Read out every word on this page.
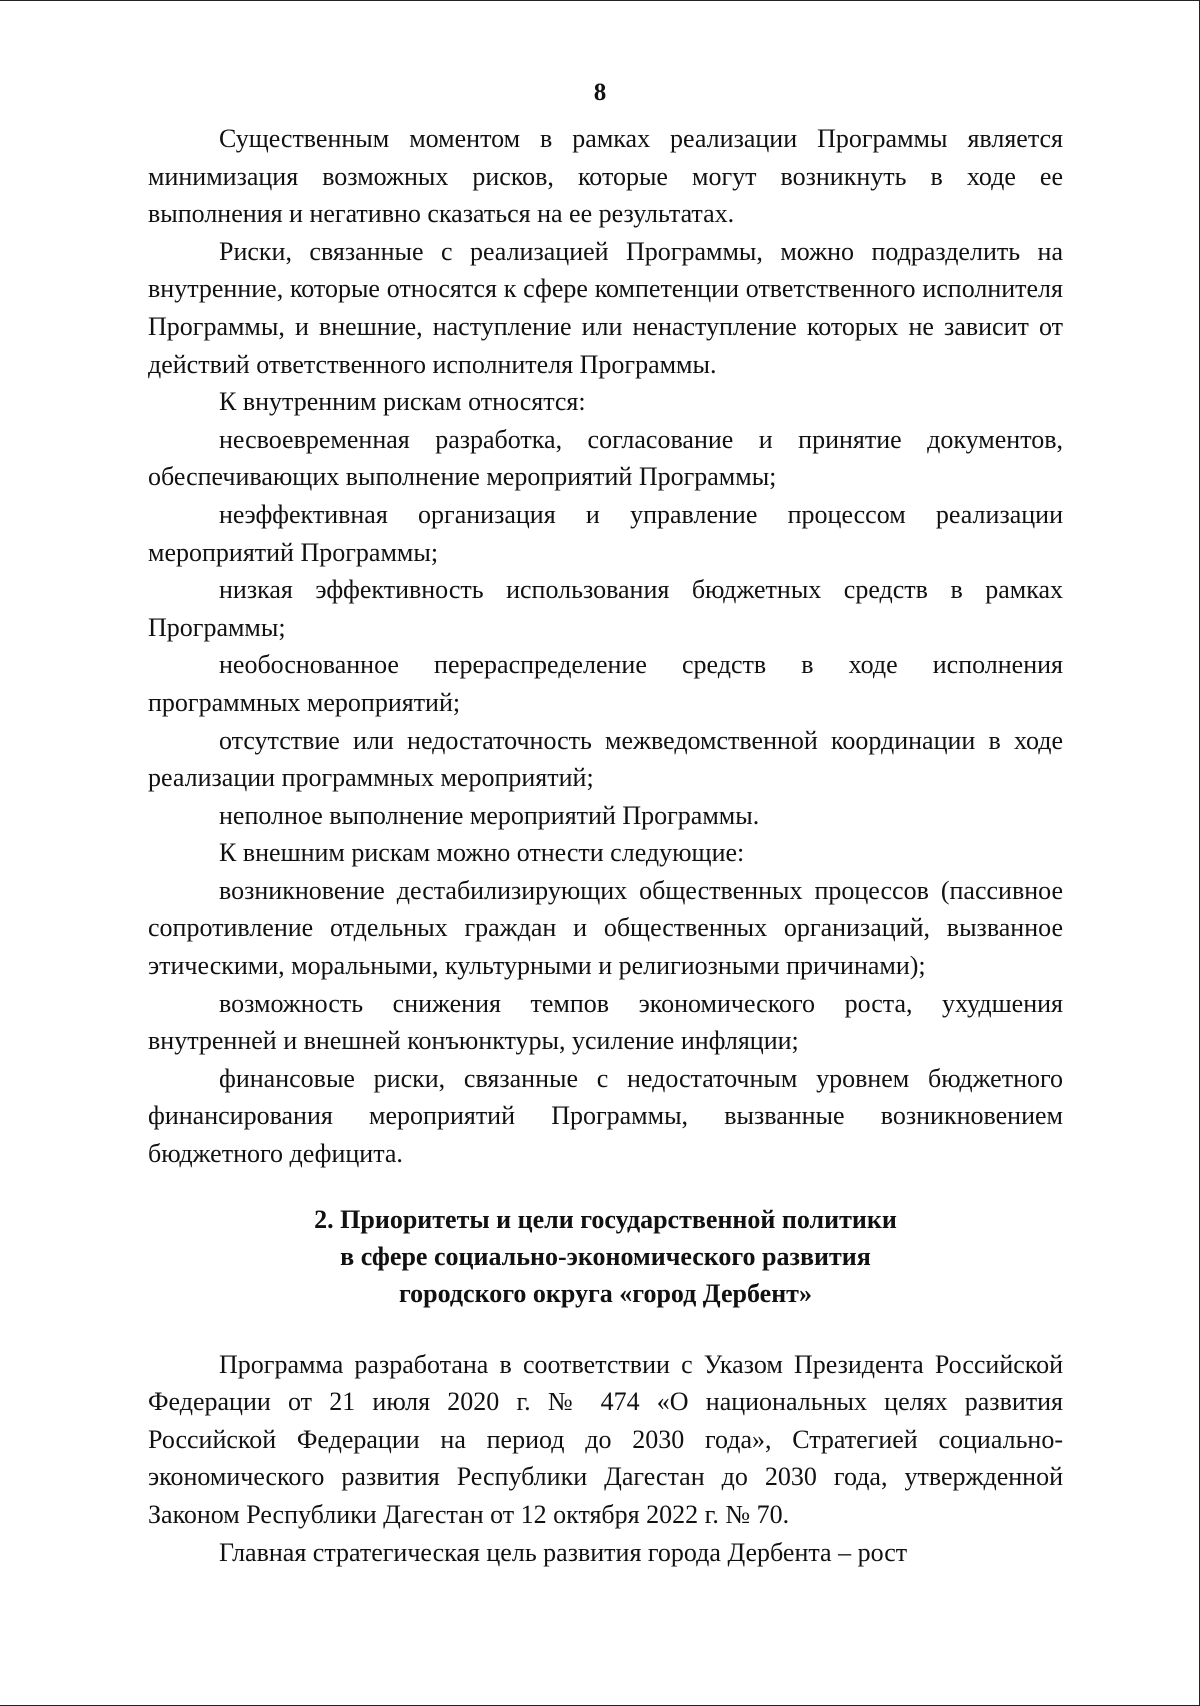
8

Существенным моментом в рамках реализации Программы является минимизация возможных рисков, которые могут возникнуть в ходе ее выполнения и негативно сказаться на ее результатах.

Риски, связанные с реализацией Программы, можно подразделить на внутренние, которые относятся к сфере компетенции ответственного исполнителя Программы, и внешние, наступление или ненаступление которых не зависит от действий ответственного исполнителя Программы.

К внутренним рискам относятся:

несвоевременная разработка, согласование и принятие документов, обеспечивающих выполнение мероприятий Программы;

неэффективная организация и управление процессом реализации мероприятий Программы;

низкая эффективность использования бюджетных средств в рамках Программы;

необоснованное перераспределение средств в ходе исполнения программных мероприятий;

отсутствие или недостаточность межведомственной координации в ходе реализации программных мероприятий;

неполное выполнение мероприятий Программы.

К внешним рискам можно отнести следующие:

возникновение дестабилизирующих общественных процессов (пассивное сопротивление отдельных граждан и общественных организаций, вызванное этическими, моральными, культурными и религиозными причинами);

возможность снижения темпов экономического роста, ухудшения внутренней и внешней конъюнктуры, усиление инфляции;

финансовые риски, связанные с недостаточным уровнем бюджетного финансирования мероприятий Программы, вызванные возникновением бюджетного дефицита.

2. Приоритеты и цели государственной политики
в сфере социально-экономического развития
городского округа «город Дербент»

Программа разработана в соответствии с Указом Президента Российской Федерации от 21 июля 2020 г. № 474 «О национальных целях развития Российской Федерации на период до 2030 года», Стратегией социально-экономического развития Республики Дагестан до 2030 года, утвержденной Законом Республики Дагестан от 12 октября 2022 г. № 70.

Главная стратегическая цель развития города Дербента – рост
